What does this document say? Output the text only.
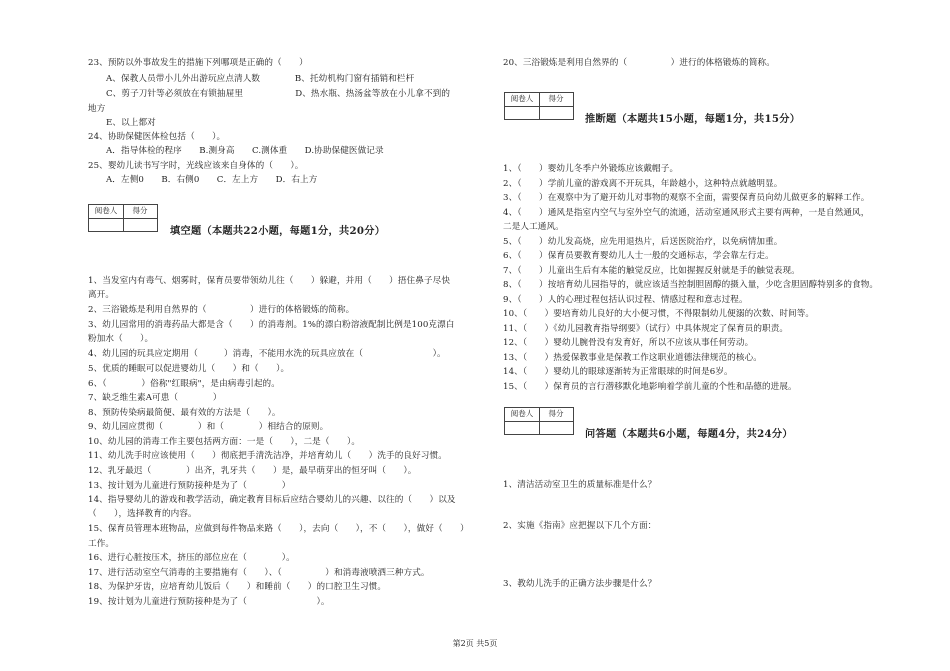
23、预防以外事故发生的措施下列哪项是正确的（　　）
A、保教人员带小儿外出游玩应点清人数　　　　B、托幼机构门窗有插销和栏杆
C、剪子刀针等必须放在有锁抽屉里　　　　　　D、热水瓶、热汤盆等放在小儿拿不到的
地方
E、以上都对
24、协助保健医体检包括（　　）。
A．指导体检的程序　　B.测身高　　C.测体重　　D.协助保健医做记录
25、婴幼儿读书写字时，光线应该来自身体的（　　）。
A．左侧0　　B．右侧0　　C．左上方　　D．右上方
阅卷人	得分
填空题（本题共22小题，每题1分，共20分）
1、当发室内有毒气、烟雾时，保育员要带领幼儿往（　　）躲避，并用（　　）捂住鼻子尽快
离开。
2、三浴锻炼是利用自然界的（　　　　　）进行的体格锻炼的简称。
3、幼儿园常用的消毒药品大都是含（　　）的消毒剂。1%的漂白粉溶液配制比例是100克漂白
粉加水（　　）。
4、幼儿园的玩具应定期用（　　　）消毒，不能用水洗的玩具应放在（　　　　　　　　）。
5、优质的睡眠可以促进婴幼儿（　　）和（　　）。
6、（　　　　）俗称"红眼病"，是由病毒引起的。
7、缺乏维生素A可患（　　　　）
8、预防传染病最简便、最有效的方法是（　　）。
9、幼儿园应贯彻（　　　　）和（　　　　）相结合的原则。
10、幼儿园的消毒工作主要包括两方面：一是（　　），二是（　　）。
11、幼儿洗手时应该使用（　　）彻底把手清洗洁净，并培育幼儿（　　）洗手的良好习惯。
12、乳牙最迟（　　　　）出齐，乳牙共（　　）是，最早萌芽出的恒牙叫（　　）。
13、按计划为儿童进行预防接种是为了（　　　　）
14、指导婴幼儿的游戏和教学活动，确定教育目标后应结合婴幼儿的兴趣、以往的（　　）以及
（　　），选择教育的内容。
15、保育员管理本班物品，应做到每件物品来路（　　），去向（　　），不（　　），做好（　　）
工作。
16、进行心脏按压术，挤压的部位应在（　　　　）。
17、进行活动室空气消毒的主要措施有（　　）、（　　　　　）和消毒液喷洒三种方式。
18、为保护牙齿，应培育幼儿饭后（　　）和睡前（　　）的口腔卫生习惯。
19、按计划为儿童进行预防接种是为了（　　　　　　　　）。
20、三浴锻炼是利用自然界的（　　　　　）进行的体格锻炼的简称。
阅卷人	得分
推断题（本题共15小题，每题1分，共15分）
1、（　　）婴幼儿冬季户外锻炼应该戴帽子。
2、（　　）学前儿童的游戏离不开玩具，年龄越小，这种特点就越明显。
3、（　　）在观察中为了避开幼儿对事物的观察不全面，需要保育员向幼儿做更多的解释工作。
4、（　　）通风是指室内空气与室外空气的流通，活动室通风形式主要有两种，一是自然通风，
二是人工通风。
5、（　　）幼儿发高烧，应先用退热片，后送医院治疗，以免病情加重。
6、（　　）保育员要教育婴幼儿人士一般的交通标志，学会靠左行走。
7、（　　）儿童出生后有本能的触觉反应，比如握握反射就是手的触觉表现。
8、（　　）按培育幼儿园指导的，就应该适当控制胆固醇的摄入量，少吃含胆固醇特别多的食物。
9、（　　）人的心理过程包括认识过程、情感过程和意志过程。
10、（　　）要培育幼儿良好的大小便习惯，不得限制幼儿便溺的次数、时间等。
11、（　　）《幼儿园教育指导纲要》（试行）中具体规定了保育员的职责。
12、（　　）婴幼儿腕骨没有发育好，所以不应该从事任何劳动。
13、（　　）热爱保教事业是保教工作这职业道德法律规范的核心。
14、（　　）婴幼儿的眼球逐渐转为正常眼球的时间是6岁。
15、（　　）保育员的言行潜移默化地影响着学前儿童的个性和品德的进展。
阅卷人	得分
问答题（本题共6小题，每题4分，共24分）
1、清洁活动室卫生的质量标准是什么？
2、实施《指南》应把握以下几个方面：
3、教幼儿洗手的正确方法步骤是什么？
第2页 共5页
